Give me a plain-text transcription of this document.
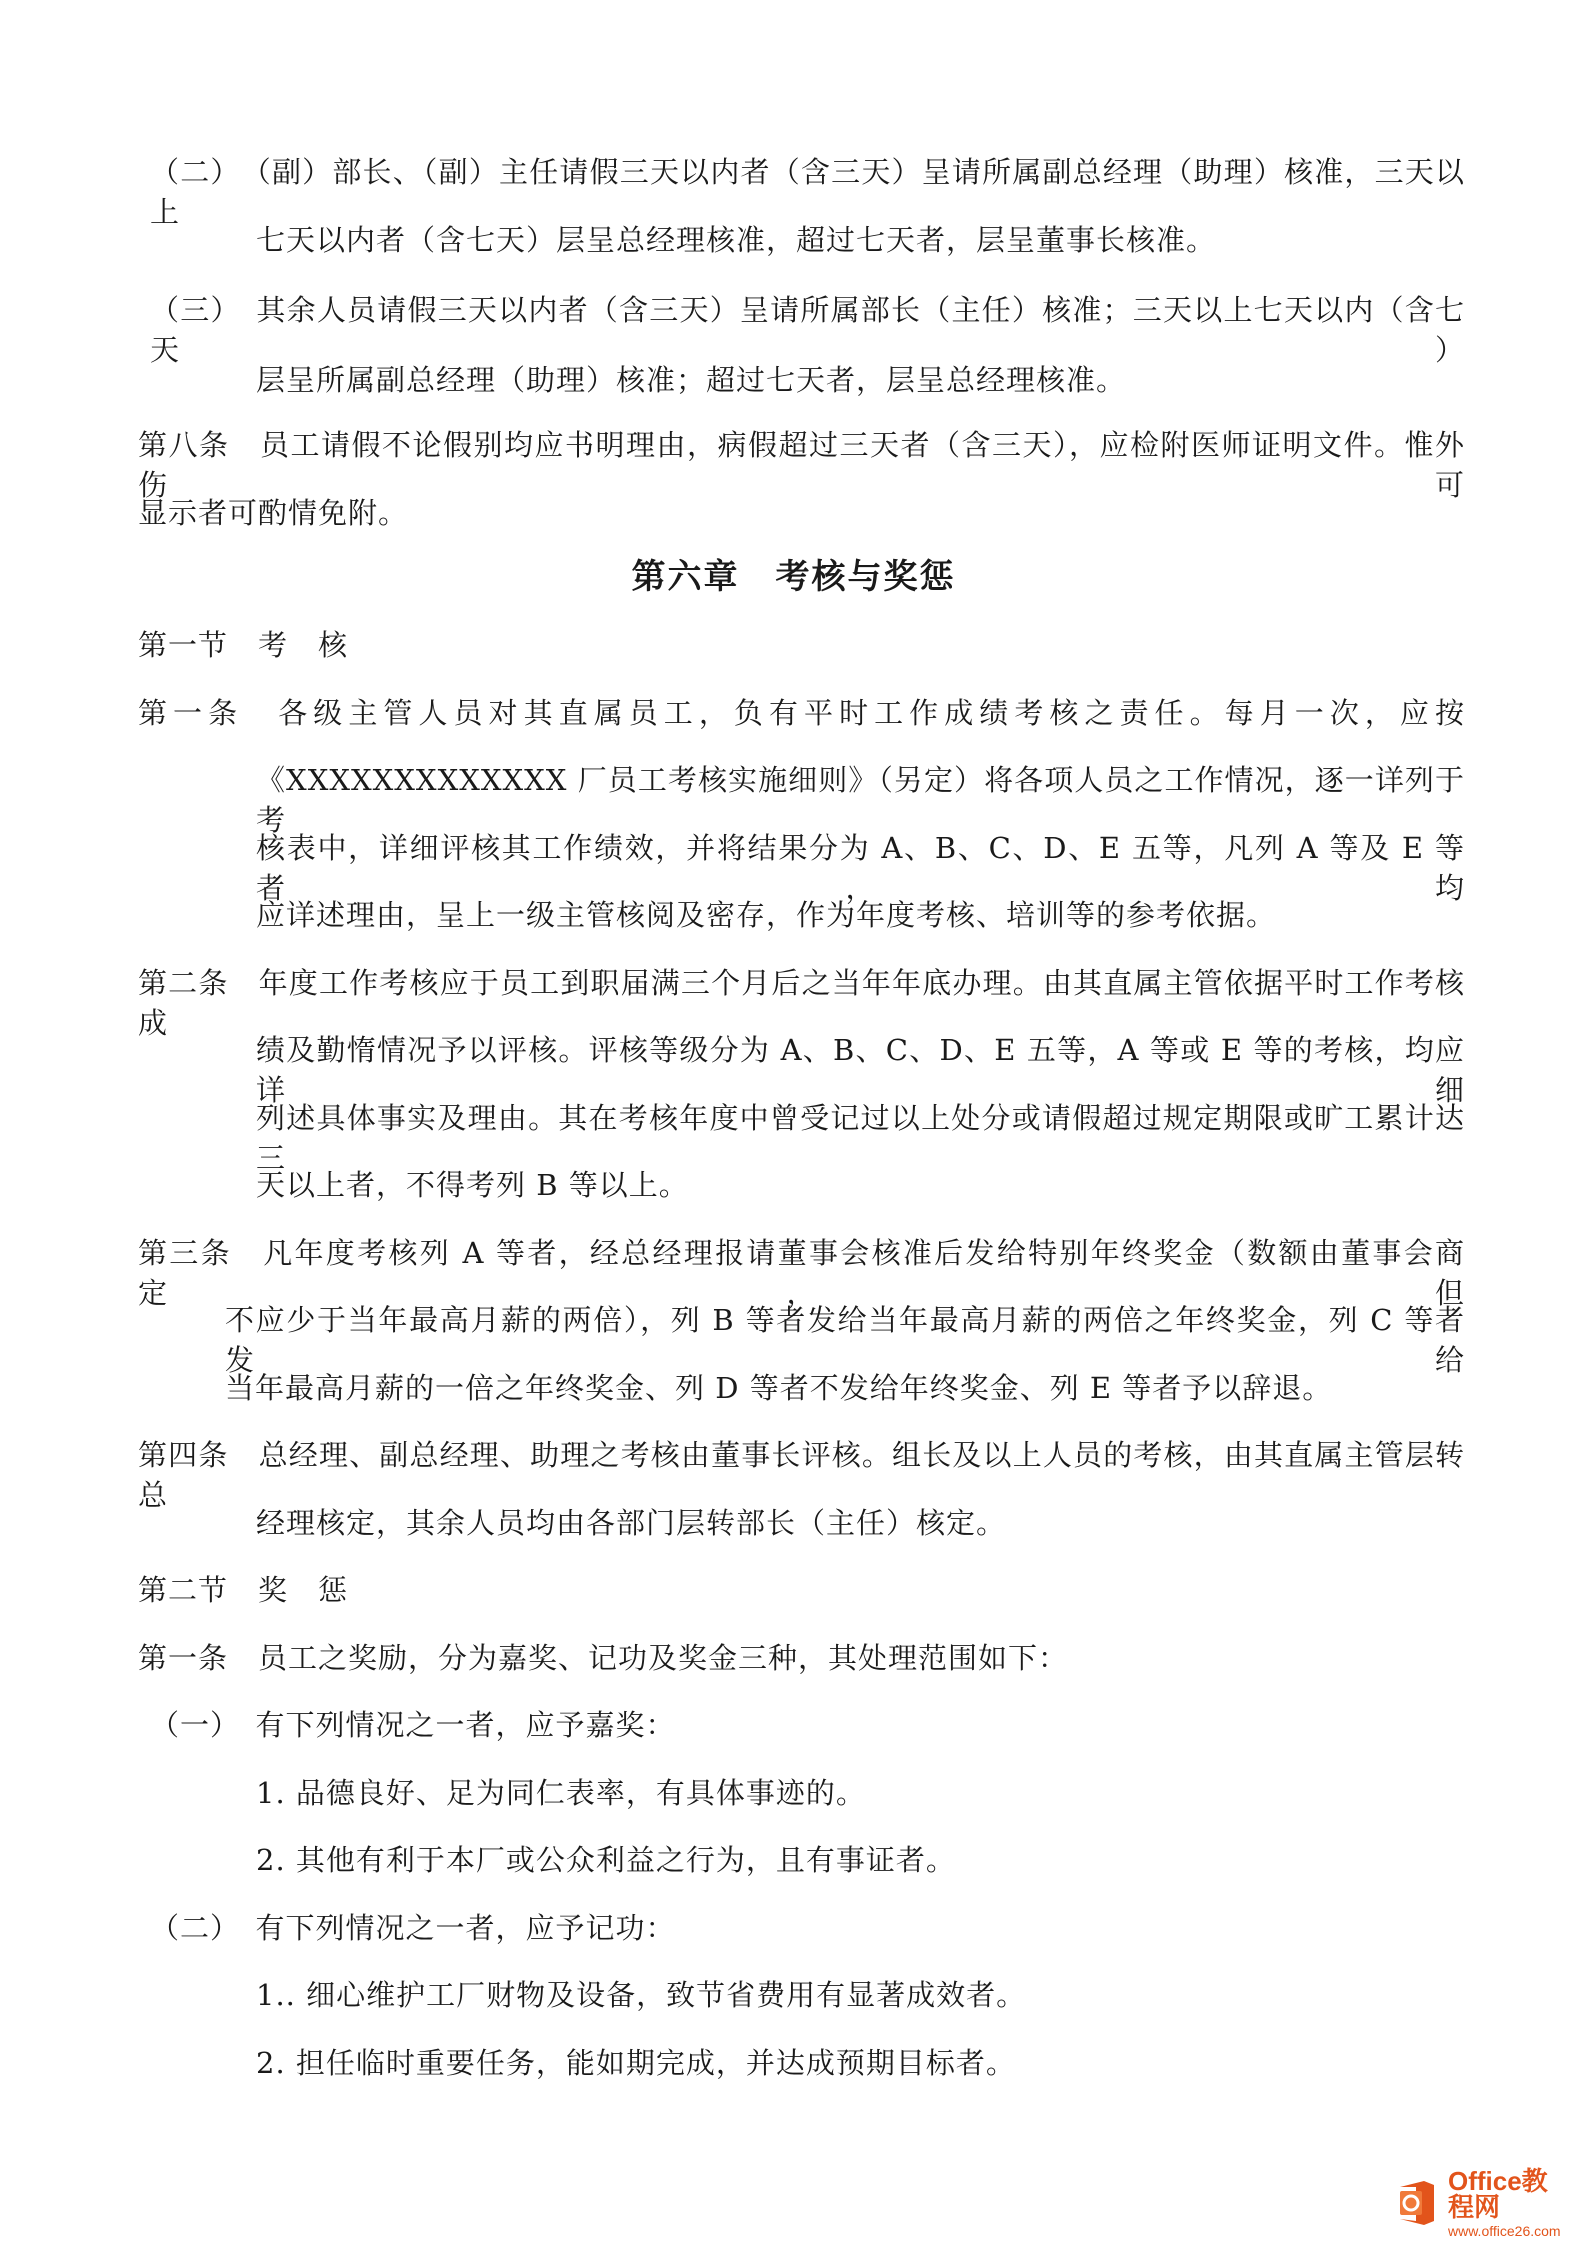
（二）　（副）部长、（副）主任请假三天以内者（含三天）呈请所属副总经理（助理）核准，三天以上
七天以内者（含七天）层呈总经理核准，超过七天者，层呈董事长核准。
（三）　其余人员请假三天以内者（含三天）呈请所属部长（主任）核准；三天以上七天以内（含七天）
层呈所属副总经理（助理）核准；超过七天者，层呈总经理核准。
第八条　员工请假不论假别均应书明理由，病假超过三天者（含三天），应检附医师证明文件。惟外伤可
显示者可酌情免附。
第六章　考核与奖惩
第一节　考　核
第一条　各级主管人员对其直属员工，负有平时工作成绩考核之责任。每月一次，应按
《XXXXXXXXXXXXX 厂员工考核实施细则》（另定）将各项人员之工作情况，逐一详列于考
核表中，详细评核其工作绩效，并将结果分为 A、B、C、D、E 五等，凡列 A 等及 E 等者，均
应详述理由，呈上一级主管核阅及密存，作为年度考核、培训等的参考依据。
第二条　年度工作考核应于员工到职届满三个月后之当年年底办理。由其直属主管依据平时工作考核成
绩及勤惰情况予以评核。评核等级分为 A、B、C、D、E 五等，A 等或 E 等的考核，均应详细
列述具体事实及理由。其在考核年度中曾受记过以上处分或请假超过规定期限或旷工累计达三
天以上者，不得考列 B 等以上。
第三条　凡年度考核列 A 等者，经总经理报请董事会核准后发给特别年终奖金（数额由董事会商定，但
不应少于当年最高月薪的两倍），列 B 等者发给当年最高月薪的两倍之年终奖金，列 C 等者发给
当年最高月薪的一倍之年终奖金、列 D 等者不发给年终奖金、列 E 等者予以辞退。
第四条　总经理、副总经理、助理之考核由董事长评核。组长及以上人员的考核，由其直属主管层转总
经理核定，其余人员均由各部门层转部长（主任）核定。
第二节　奖　惩
第一条　员工之奖励，分为嘉奖、记功及奖金三种，其处理范围如下：
（一）　有下列情况之一者，应予嘉奖：
1. 品德良好、足为同仁表率，有具体事迹的。
2. 其他有利于本厂或公众利益之行为，且有事证者。
（二）　有下列情况之一者，应予记功：
1.. 细心维护工厂财物及设备，致节省费用有显著成效者。
2. 担任临时重要任务，能如期完成，并达成预期目标者。
Office教程网
www.office26.com
